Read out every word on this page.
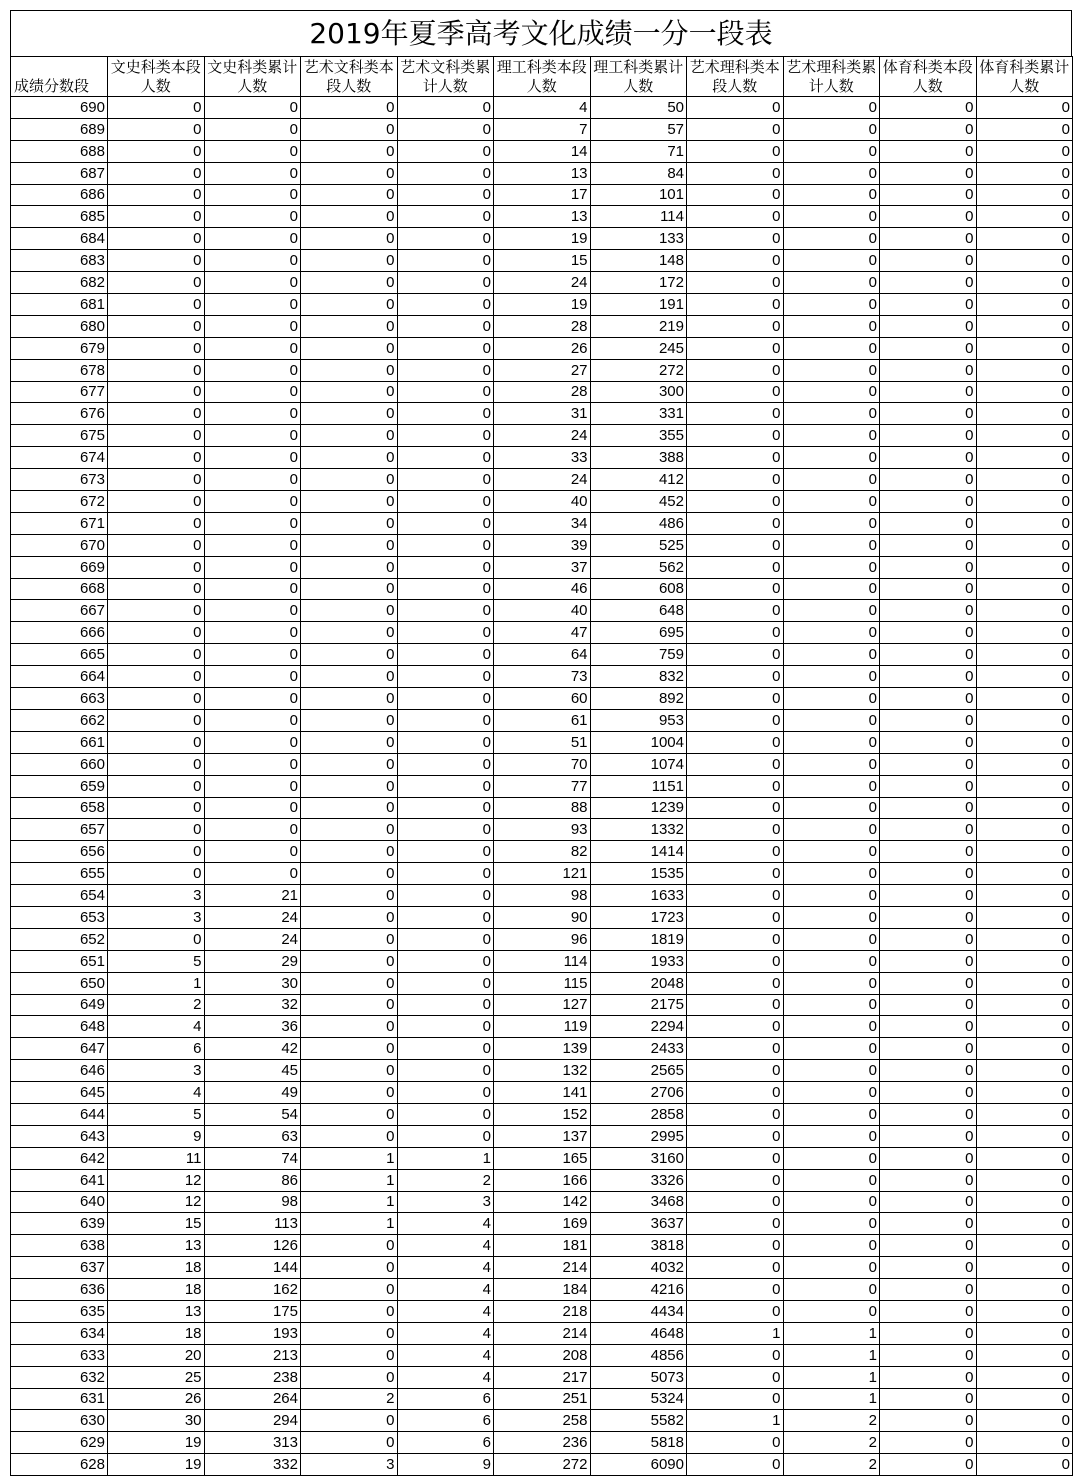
2019年夏季高考文化成绩一分一段表
成绩分数段	文史科类本段人数	文史科类累计人数	艺术文科类本段人数	艺术文科类累计人数	理工科类本段人数	理工科类累计人数	艺术理科类本段人数	艺术理科类累计人数	体育科类本段人数	体育科类累计人数
690	0	0	0	0	4	50	0	0	0	0
689	0	0	0	0	7	57	0	0	0	0
688	0	0	0	0	14	71	0	0	0	0
687	0	0	0	0	13	84	0	0	0	0
686	0	0	0	0	17	101	0	0	0	0
685	0	0	0	0	13	114	0	0	0	0
684	0	0	0	0	19	133	0	0	0	0
683	0	0	0	0	15	148	0	0	0	0
682	0	0	0	0	24	172	0	0	0	0
681	0	0	0	0	19	191	0	0	0	0
680	0	0	0	0	28	219	0	0	0	0
679	0	0	0	0	26	245	0	0	0	0
678	0	0	0	0	27	272	0	0	0	0
677	0	0	0	0	28	300	0	0	0	0
676	0	0	0	0	31	331	0	0	0	0
675	0	0	0	0	24	355	0	0	0	0
674	0	0	0	0	33	388	0	0	0	0
673	0	0	0	0	24	412	0	0	0	0
672	0	0	0	0	40	452	0	0	0	0
671	0	0	0	0	34	486	0	0	0	0
670	0	0	0	0	39	525	0	0	0	0
669	0	0	0	0	37	562	0	0	0	0
668	0	0	0	0	46	608	0	0	0	0
667	0	0	0	0	40	648	0	0	0	0
666	0	0	0	0	47	695	0	0	0	0
665	0	0	0	0	64	759	0	0	0	0
664	0	0	0	0	73	832	0	0	0	0
663	0	0	0	0	60	892	0	0	0	0
662	0	0	0	0	61	953	0	0	0	0
661	0	0	0	0	51	1004	0	0	0	0
660	0	0	0	0	70	1074	0	0	0	0
659	0	0	0	0	77	1151	0	0	0	0
658	0	0	0	0	88	1239	0	0	0	0
657	0	0	0	0	93	1332	0	0	0	0
656	0	0	0	0	82	1414	0	0	0	0
655	0	0	0	0	121	1535	0	0	0	0
654	3	21	0	0	98	1633	0	0	0	0
653	3	24	0	0	90	1723	0	0	0	0
652	0	24	0	0	96	1819	0	0	0	0
651	5	29	0	0	114	1933	0	0	0	0
650	1	30	0	0	115	2048	0	0	0	0
649	2	32	0	0	127	2175	0	0	0	0
648	4	36	0	0	119	2294	0	0	0	0
647	6	42	0	0	139	2433	0	0	0	0
646	3	45	0	0	132	2565	0	0	0	0
645	4	49	0	0	141	2706	0	0	0	0
644	5	54	0	0	152	2858	0	0	0	0
643	9	63	0	0	137	2995	0	0	0	0
642	11	74	1	1	165	3160	0	0	0	0
641	12	86	1	2	166	3326	0	0	0	0
640	12	98	1	3	142	3468	0	0	0	0
639	15	113	1	4	169	3637	0	0	0	0
638	13	126	0	4	181	3818	0	0	0	0
637	18	144	0	4	214	4032	0	0	0	0
636	18	162	0	4	184	4216	0	0	0	0
635	13	175	0	4	218	4434	0	0	0	0
634	18	193	0	4	214	4648	1	1	0	0
633	20	213	0	4	208	4856	0	1	0	0
632	25	238	0	4	217	5073	0	1	0	0
631	26	264	2	6	251	5324	0	1	0	0
630	30	294	0	6	258	5582	1	2	0	0
629	19	313	0	6	236	5818	0	2	0	0
628	19	332	3	9	272	6090	0	2	0	0
